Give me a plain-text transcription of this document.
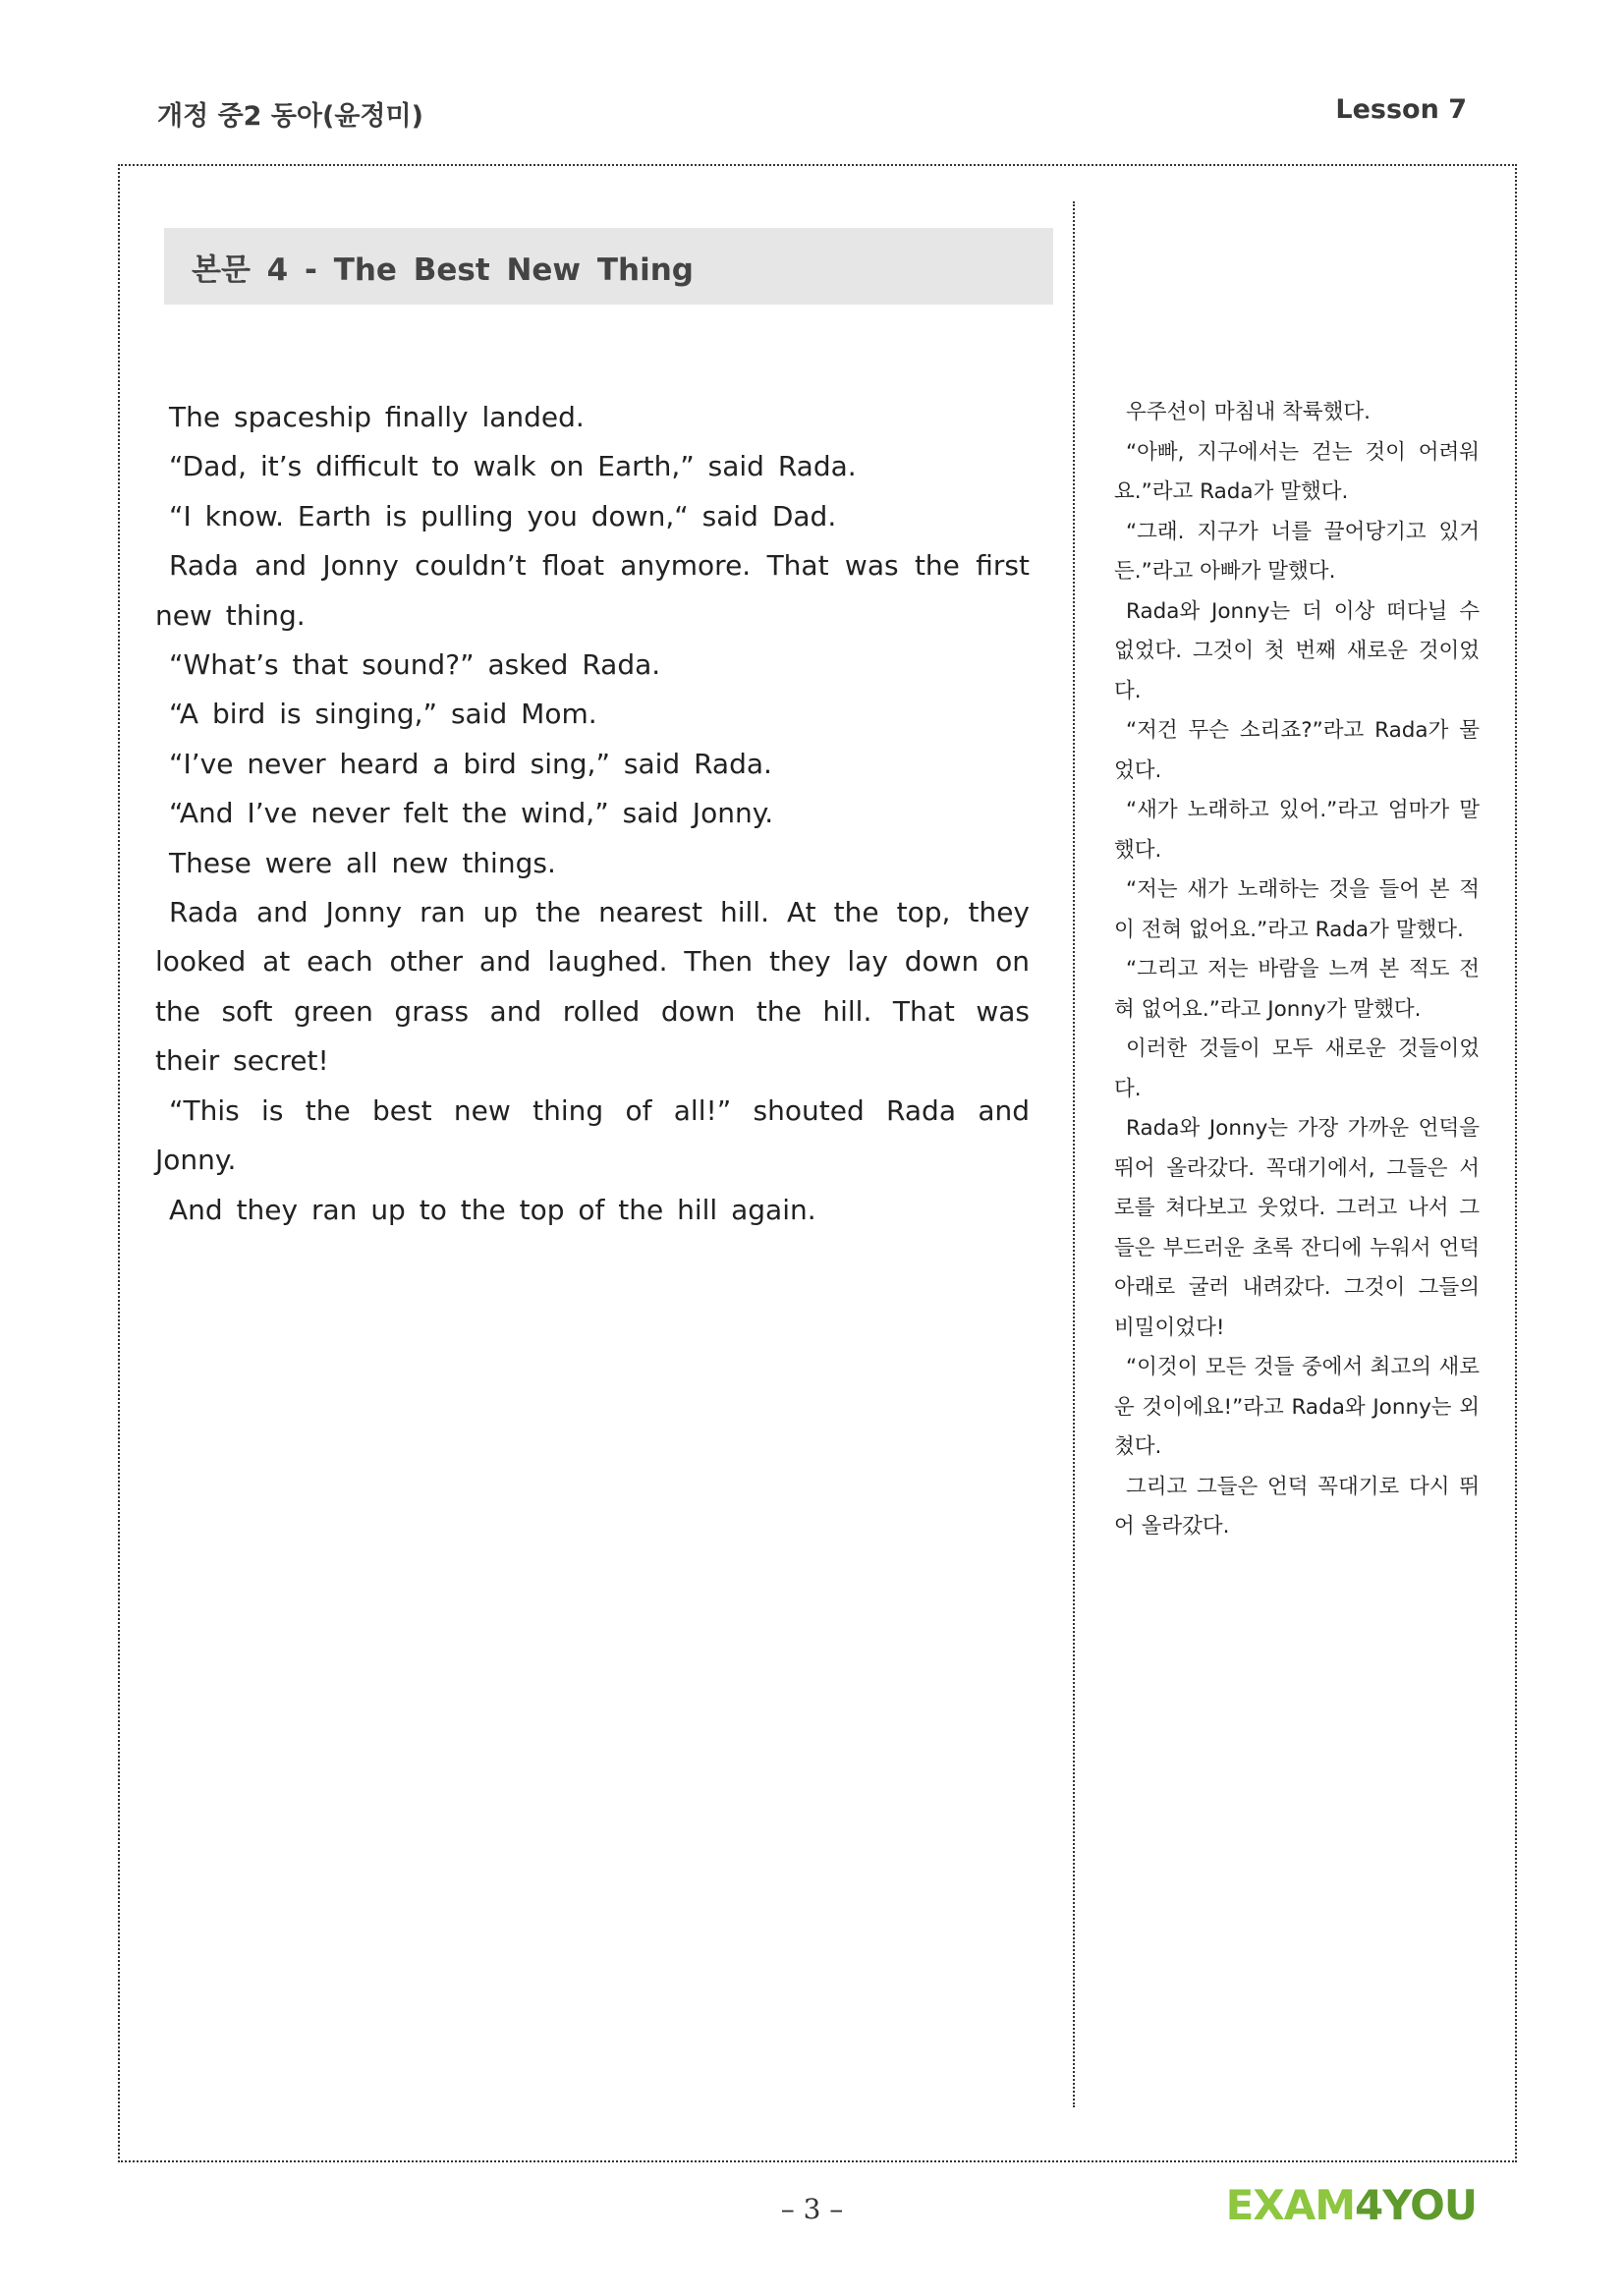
개정 중2 동아(윤정미)	Lesson 7
본문 4 - The Best New Thing

The spaceship finally landed.

“Dad, it’s difficult to walk on Earth,” said Rada.

“I know. Earth is pulling you down,“ said Dad.

Rada and Jonny couldn’t float anymore. That was the first new thing.

“What’s that sound?” asked Rada.

“A bird is singing,” said Mom.

“I’ve never heard a bird sing,” said Rada.

“And I’ve never felt the wind,” said Jonny.

These were all new things.

Rada and Jonny ran up the nearest hill. At the top, they looked at each other and laughed. Then they lay down on the soft green grass and rolled down the hill. That was their secret!

“This is the best new thing of all!” shouted Rada and Jonny.

And they ran up to the top of the hill again.

우주선이 마침내 착륙했다.

“아빠, 지구에서는 걷는 것이 어려워요.”라고 Rada가 말했다.

“그래. 지구가 너를 끌어당기고 있거든.”라고 아빠가 말했다.

Rada와 Jonny는 더 이상 떠다닐 수 없었다. 그것이 첫 번째 새로운 것이었다.

“저건 무슨 소리죠?”라고 Rada가 물었다.

“새가 노래하고 있어.”라고 엄마가 말했다.

“저는 새가 노래하는 것을 들어 본 적이 전혀 없어요.”라고 Rada가 말했다.

“그리고 저는 바람을 느껴 본 적도 전혀 없어요.”라고 Jonny가 말했다.

이러한 것들이 모두 새로운 것들이었다.

Rada와 Jonny는 가장 가까운 언덕을 뛰어 올라갔다. 꼭대기에서, 그들은 서로를 쳐다보고 웃었다. 그러고 나서 그들은 부드러운 초록 잔디에 누워서 언덕 아래로 굴러 내려갔다. 그것이 그들의 비밀이었다!

“이것이 모든 것들 중에서 최고의 새로운 것이에요!”라고 Rada와 Jonny는 외쳤다.

그리고 그들은 언덕 꼭대기로 다시 뛰어 올라갔다.

– 3 –	EXAM4YOU
